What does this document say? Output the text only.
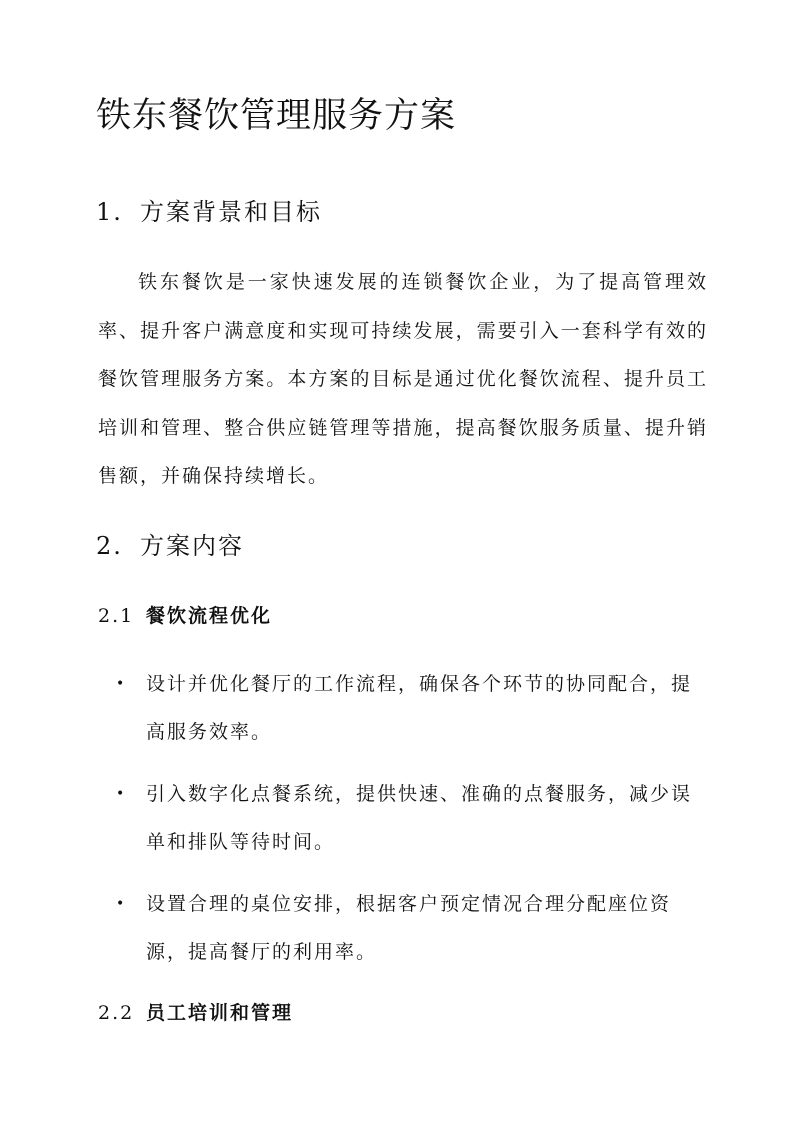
铁东餐饮管理服务方案
1. 方案背景和目标

铁东餐饮是一家快速发展的连锁餐饮企业，为了提高管理效率、提升客户满意度和实现可持续发展，需要引入一套科学有效的餐饮管理服务方案。本方案的目标是通过优化餐饮流程、提升员工培训和管理、整合供应链管理等措施，提高餐饮服务质量、提升销售额，并确保持续增长。

2. 方案内容
2.1 餐饮流程优化
•	设计并优化餐厅的工作流程，确保各个环节的协同配合，提高服务效率。
•	引入数字化点餐系统，提供快速、准确的点餐服务，减少误单和排队等待时间。
•	设置合理的桌位安排，根据客户预定情况合理分配座位资源，提高餐厅的利用率。
2.2 员工培训和管理
